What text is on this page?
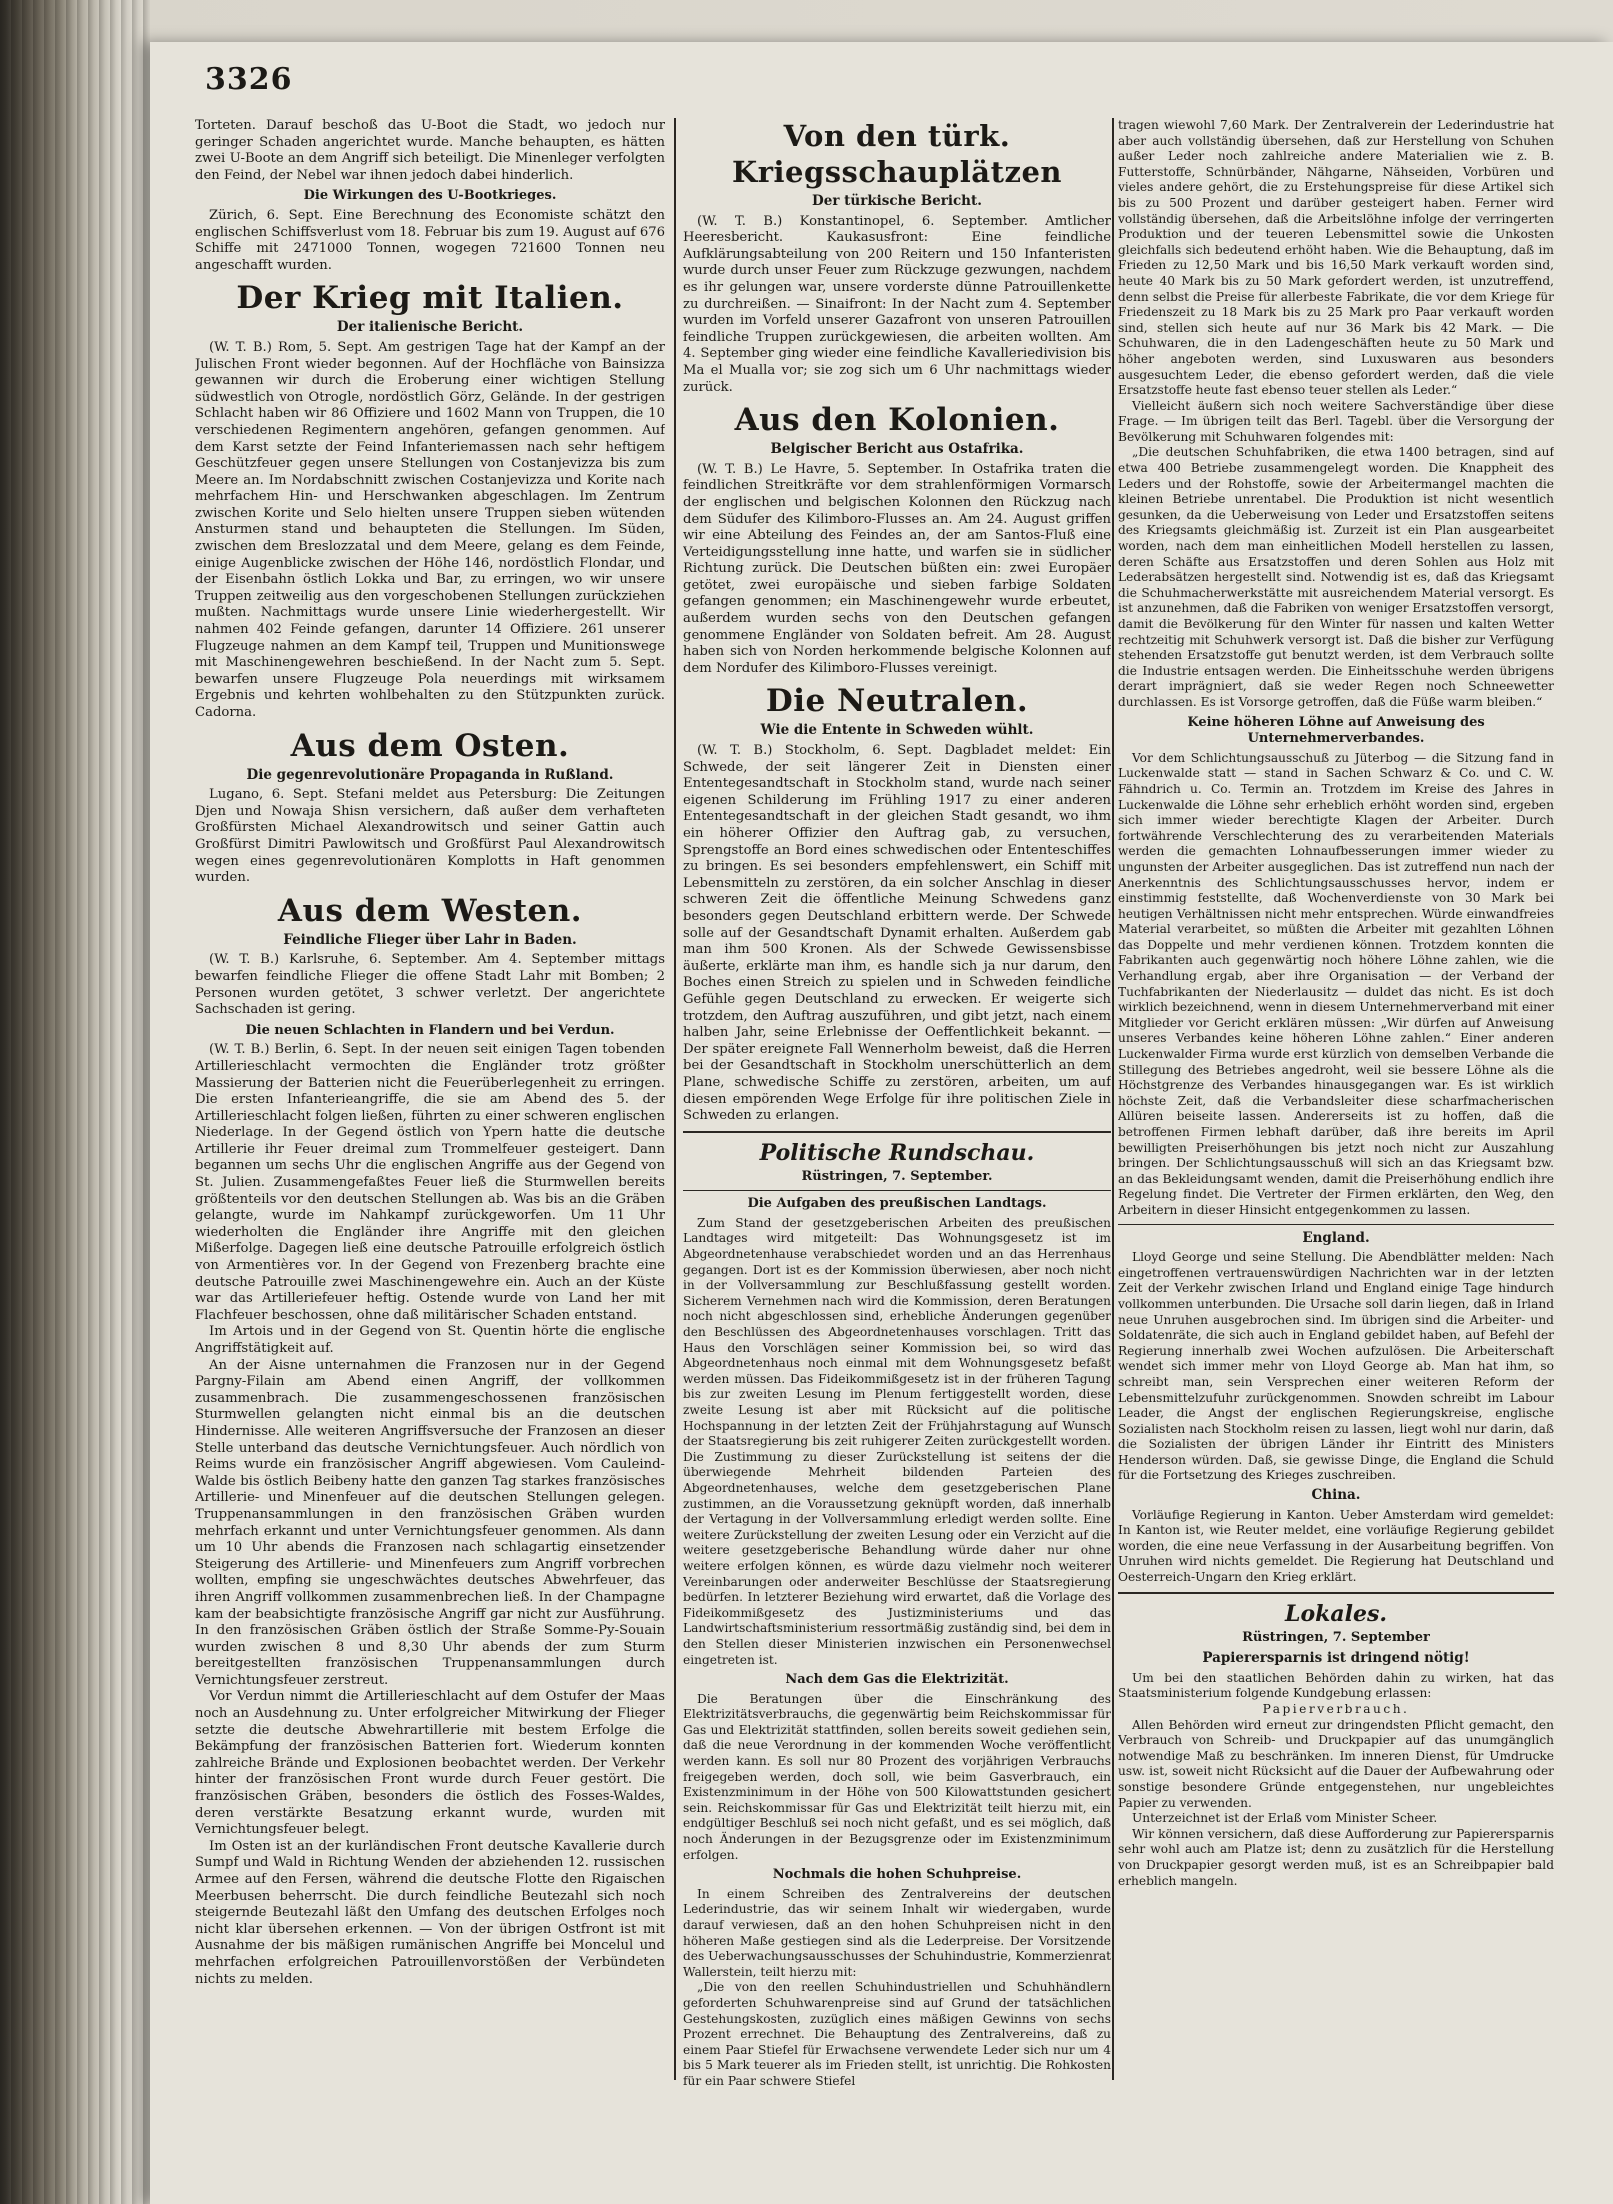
3326

Torteten. Darauf beschoß das U-Boot die Stadt, wo jedoch nur geringer Schaden angerichtet wurde. Manche behaupten, es hätten zwei U-Boote an dem Angriff sich beteiligt. Die Minenleger verfolgten den Feind, der Nebel war ihnen jedoch dabei hinderlich.

Die Wirkungen des U-Bootkrieges.

Zürich, 6. Sept. Eine Berechnung des Economiste schätzt den englischen Schiffsverlust vom 18. Februar bis zum 19. August auf 676 Schiffe mit 2471000 Tonnen, wogegen 721600 Tonnen neu angeschafft wurden.

Der Krieg mit Italien.
Der italienische Bericht.

(W. T. B.) Rom, 5. Sept. Am gestrigen Tage hat der Kampf an der Julischen Front wieder begonnen. Auf der Hochfläche von Bainsizza gewannen wir durch die Eroberung einer wichtigen Stellung südwestlich von Otrogle, nordöstlich Görz, Gelände. In der gestrigen Schlacht haben wir 86 Offiziere und 1602 Mann von Truppen, die 10 verschiedenen Regimentern angehören, gefangen genommen. Auf dem Karst setzte der Feind Infanteriemassen nach sehr heftigem Geschützfeuer gegen unsere Stellungen von Costanjevizza bis zum Meere an. Im Nordabschnitt zwischen Costanjevizza und Korite nach mehrfachem Hin- und Herschwanken abgeschlagen. Im Zentrum zwischen Korite und Selo hielten unsere Truppen sieben wütenden Ansturmen stand und behaupteten die Stellungen. Im Süden, zwischen dem Breslozzatal und dem Meere, gelang es dem Feinde, einige Augenblicke zwischen der Höhe 146, nordöstlich Flondar, und der Eisenbahn östlich Lokka und Bar, zu erringen, wo wir unsere Truppen zeitweilig aus den vorgeschobenen Stellungen zurückziehen mußten. Nachmittags wurde unsere Linie wiederhergestellt. Wir nahmen 402 Feinde gefangen, darunter 14 Offiziere. 261 unserer Flugzeuge nahmen an dem Kampf teil, Truppen und Munitionswege mit Maschinengewehren beschießend. In der Nacht zum 5. Sept. bewarfen unsere Flugzeuge Pola neuerdings mit wirksamem Ergebnis und kehrten wohlbehalten zu den Stützpunkten zurück. Cadorna.

Aus dem Osten.
Die gegenrevolutionäre Propaganda in Rußland.

Lugano, 6. Sept. Stefani meldet aus Petersburg: Die Zeitungen Djen und Nowaja Shisn versichern, daß außer dem verhafteten Großfürsten Michael Alexandrowitsch und seiner Gattin auch Großfürst Dimitri Pawlowitsch und Großfürst Paul Alexandrowitsch wegen eines gegenrevolutionären Komplotts in Haft genommen wurden.

Aus dem Westen.
Feindliche Flieger über Lahr in Baden.

(W. T. B.) Karlsruhe, 6. September. Am 4. September mittags bewarfen feindliche Flieger die offene Stadt Lahr mit Bomben; 2 Personen wurden getötet, 3 schwer verletzt. Der angerichtete Sachschaden ist gering.

Die neuen Schlachten in Flandern und bei Verdun.

(W. T. B.) Berlin, 6. Sept. In der neuen seit einigen Tagen tobenden Artillerieschlacht vermochten die Engländer trotz größter Massierung der Batterien nicht die Feuerüberlegenheit zu erringen. Die ersten Infanterieangriffe, die sie am Abend des 5. der Artillerieschlacht folgen ließen, führten zu einer schweren englischen Niederlage. In der Gegend östlich von Ypern hatte die deutsche Artillerie ihr Feuer dreimal zum Trommelfeuer gesteigert. Dann begannen um sechs Uhr die englischen Angriffe aus der Gegend von St. Julien. Zusammengefaßtes Feuer ließ die Sturmwellen bereits größtenteils vor den deutschen Stellungen ab. Was bis an die Gräben gelangte, wurde im Nahkampf zurückgeworfen. Um 11 Uhr wiederholten die Engländer ihre Angriffe mit den gleichen Mißerfolge. Dagegen ließ eine deutsche Patrouille erfolgreich östlich von Armentières vor. In der Gegend von Frezenberg brachte eine deutsche Patrouille zwei Maschinengewehre ein. Auch an der Küste war das Artilleriefeuer heftig. Ostende wurde von Land her mit Flachfeuer beschossen, ohne daß militärischer Schaden entstand.

Im Artois und in der Gegend von St. Quentin hörte die englische Angriffstätigkeit auf.

An der Aisne unternahmen die Franzosen nur in der Gegend Pargny-Filain am Abend einen Angriff, der vollkommen zusammenbrach. Die zusammengeschossenen französischen Sturmwellen gelangten nicht einmal bis an die deutschen Hindernisse. Alle weiteren Angriffsversuche der Franzosen an dieser Stelle unterband das deutsche Vernichtungsfeuer. Auch nördlich von Reims wurde ein französischer Angriff abgewiesen. Vom Cauleind-Walde bis östlich Beibeny hatte den ganzen Tag starkes französisches Artillerie- und Minenfeuer auf die deutschen Stellungen gelegen. Truppenansammlungen in den französischen Gräben wurden mehrfach erkannt und unter Vernichtungsfeuer genommen. Als dann um 10 Uhr abends die Franzosen nach schlagartig einsetzender Steigerung des Artillerie- und Minenfeuers zum Angriff vorbrechen wollten, empfing sie ungeschwächtes deutsches Abwehrfeuer, das ihren Angriff vollkommen zusammenbrechen ließ. In der Champagne kam der beabsichtigte französische Angriff gar nicht zur Ausführung. In den französischen Gräben östlich der Straße Somme-Py-Souain wurden zwischen 8 und 8,30 Uhr abends der zum Sturm bereitgestellten französischen Truppenansammlungen durch Vernichtungsfeuer zerstreut.

Vor Verdun nimmt die Artillerieschlacht auf dem Ostufer der Maas noch an Ausdehnung zu. Unter erfolgreicher Mitwirkung der Flieger setzte die deutsche Abwehrartillerie mit bestem Erfolge die Bekämpfung der französischen Batterien fort. Wiederum konnten zahlreiche Brände und Explosionen beobachtet werden. Der Verkehr hinter der französischen Front wurde durch Feuer gestört. Die französischen Gräben, besonders die östlich des Fosses-Waldes, deren verstärkte Besatzung erkannt wurde, wurden mit Vernichtungsfeuer belegt.

Im Osten ist an der kurländischen Front deutsche Kavallerie durch Sumpf und Wald in Richtung Wenden der abziehenden 12. russischen Armee auf den Fersen, während die deutsche Flotte den Rigaischen Meerbusen beherrscht. Die durch feindliche Beutezahl sich noch steigernde Beutezahl läßt den Umfang des deutschen Erfolges noch nicht klar übersehen erkennen. — Von der übrigen Ostfront ist mit Ausnahme der bis mäßigen rumänischen Angriffe bei Moncelul und mehrfachen erfolgreichen Patrouillenvorstößen der Verbündeten nichts zu melden.

Von den türk. Kriegsschauplätzen
Der türkische Bericht.

(W. T. B.) Konstantinopel, 6. September. Amtlicher Heeresbericht. Kaukasusfront: Eine feindliche Aufklärungsabteilung von 200 Reitern und 150 Infanteristen wurde durch unser Feuer zum Rückzuge gezwungen, nachdem es ihr gelungen war, unsere vorderste dünne Patrouillenkette zu durchreißen. — Sinaifront: In der Nacht zum 4. September wurden im Vorfeld unserer Gazafront von unseren Patrouillen feindliche Truppen zurückgewiesen, die arbeiten wollten. Am 4. September ging wieder eine feindliche Kavalleriedivision bis Ma el Mualla vor; sie zog sich um 6 Uhr nachmittags wieder zurück.

Aus den Kolonien.
Belgischer Bericht aus Ostafrika.

(W. T. B.) Le Havre, 5. September. In Ostafrika traten die feindlichen Streitkräfte vor dem strahlenförmigen Vormarsch der englischen und belgischen Kolonnen den Rückzug nach dem Südufer des Kilimboro-Flusses an. Am 24. August griffen wir eine Abteilung des Feindes an, der am Santos-Fluß eine Verteidigungsstellung inne hatte, und warfen sie in südlicher Richtung zurück. Die Deutschen büßten ein: zwei Europäer getötet, zwei europäische und sieben farbige Soldaten gefangen genommen; ein Maschinengewehr wurde erbeutet, außerdem wurden sechs von den Deutschen gefangen genommene Engländer von Soldaten befreit. Am 28. August haben sich von Norden herkommende belgische Kolonnen auf dem Nordufer des Kilimboro-Flusses vereinigt.

Die Neutralen.
Wie die Entente in Schweden wühlt.

(W. T. B.) Stockholm, 6. Sept. Dagbladet meldet: Ein Schwede, der seit längerer Zeit in Diensten einer Ententegesandtschaft in Stockholm stand, wurde nach seiner eigenen Schilderung im Frühling 1917 zu einer anderen Ententegesandtschaft in der gleichen Stadt gesandt, wo ihm ein höherer Offizier den Auftrag gab, zu versuchen, Sprengstoffe an Bord eines schwedischen oder Ententeschiffes zu bringen. Es sei besonders empfehlenswert, ein Schiff mit Lebensmitteln zu zerstören, da ein solcher Anschlag in dieser schweren Zeit die öffentliche Meinung Schwedens ganz besonders gegen Deutschland erbittern werde. Der Schwede solle auf der Gesandtschaft Dynamit erhalten. Außerdem gab man ihm 500 Kronen. Als der Schwede Gewissensbisse äußerte, erklärte man ihm, es handle sich ja nur darum, den Boches einen Streich zu spielen und in Schweden feindliche Gefühle gegen Deutschland zu erwecken. Er weigerte sich trotzdem, den Auftrag auszuführen, und gibt jetzt, nach einem halben Jahr, seine Erlebnisse der Oeffentlichkeit bekannt. — Der später ereignete Fall Wennerholm beweist, daß die Herren bei der Gesandtschaft in Stockholm unerschütterlich an dem Plane, schwedische Schiffe zu zerstören, arbeiten, um auf diesen empörenden Wege Erfolge für ihre politischen Ziele in Schweden zu erlangen.

Politische Rundschau.
Rüstringen, 7. September.
Die Aufgaben des preußischen Landtags.

Zum Stand der gesetzgeberischen Arbeiten des preußischen Landtages wird mitgeteilt: Das Wohnungsgesetz ist im Abgeordnetenhause verabschiedet worden und an das Herrenhaus gegangen. Dort ist es der Kommission überwiesen, aber noch nicht in der Vollversammlung zur Beschlußfassung gestellt worden. Sicherem Vernehmen nach wird die Kommission, deren Beratungen noch nicht abgeschlossen sind, erhebliche Änderungen gegenüber den Beschlüssen des Abgeordnetenhauses vorschlagen. Tritt das Haus den Vorschlägen seiner Kommission bei, so wird das Abgeordnetenhaus noch einmal mit dem Wohnungsgesetz befaßt werden müssen. Das Fideikommißgesetz ist in der früheren Tagung bis zur zweiten Lesung im Plenum fertiggestellt worden, diese zweite Lesung ist aber mit Rücksicht auf die politische Hochspannung in der letzten Zeit der Frühjahrstagung auf Wunsch der Staatsregierung bis zeit ruhigerer Zeiten zurückgestellt worden. Die Zustimmung zu dieser Zurückstellung ist seitens der die überwiegende Mehrheit bildenden Parteien des Abgeordnetenhauses, welche dem gesetzgeberischen Plane zustimmen, an die Voraussetzung geknüpft worden, daß innerhalb der Vertagung in der Vollversammlung erledigt werden sollte. Eine weitere Zurückstellung der zweiten Lesung oder ein Verzicht auf die weitere gesetzgeberische Behandlung würde daher nur ohne weitere erfolgen können, es würde dazu vielmehr noch weiterer Vereinbarungen oder anderweiter Beschlüsse der Staatsregierung bedürfen. In letzterer Beziehung wird erwartet, daß die Vorlage des Fideikommißgesetz des Justizministeriums und das Landwirtschaftsministerium ressortmäßig zuständig sind, bei dem in den Stellen dieser Ministerien inzwischen ein Personenwechsel eingetreten ist.

Nach dem Gas die Elektrizität.

Die Beratungen über die Einschränkung des Elektrizitätsverbrauchs, die gegenwärtig beim Reichskommissar für Gas und Elektrizität stattfinden, sollen bereits soweit gediehen sein, daß die neue Verordnung in der kommenden Woche veröffentlicht werden kann. Es soll nur 80 Prozent des vorjährigen Verbrauchs freigegeben werden, doch soll, wie beim Gasverbrauch, ein Existenzminimum in der Höhe von 500 Kilowattstunden gesichert sein. Reichskommissar für Gas und Elektrizität teilt hierzu mit, ein endgültiger Beschluß sei noch nicht gefaßt, und es sei möglich, daß noch Änderungen in der Bezugsgrenze oder im Existenzminimum erfolgen.

Nochmals die hohen Schuhpreise.

In einem Schreiben des Zentralvereins der deutschen Lederindustrie, das wir seinem Inhalt wir wiedergaben, wurde darauf verwiesen, daß an den hohen Schuhpreisen nicht in den höheren Maße gestiegen sind als die Lederpreise. Der Vorsitzende des Ueberwachungsausschusses der Schuhindustrie, Kommerzienrat Wallerstein, teilt hierzu mit:

„Die von den reellen Schuhindustriellen und Schuhhändlern geforderten Schuhwarenpreise sind auf Grund der tatsächlichen Gestehungskosten, zuzüglich eines mäßigen Gewinns von sechs Prozent errechnet. Die Behauptung des Zentralvereins, daß zu einem Paar Stiefel für Erwachsene verwendete Leder sich nur um 4 bis 5 Mark teuerer als im Frieden stellt, ist unrichtig. Die Rohkosten für ein Paar schwere Stiefel

tragen wiewohl 7,60 Mark. Der Zentralverein der Lederindustrie hat aber auch vollständig übersehen, daß zur Herstellung von Schuhen außer Leder noch zahlreiche andere Materialien wie z. B. Futterstoffe, Schnürbänder, Nähgarne, Nähseiden, Vorbüren und vieles andere gehört, die zu Erstehungspreise für diese Artikel sich bis zu 500 Prozent und darüber gesteigert haben. Ferner wird vollständig übersehen, daß die Arbeitslöhne infolge der verringerten Produktion und der teueren Lebensmittel sowie die Unkosten gleichfalls sich bedeutend erhöht haben. Wie die Behauptung, daß im Frieden zu 12,50 Mark und bis 16,50 Mark verkauft worden sind, heute 40 Mark bis zu 50 Mark gefordert werden, ist unzutreffend, denn selbst die Preise für allerbeste Fabrikate, die vor dem Kriege für Friedenszeit zu 18 Mark bis zu 25 Mark pro Paar verkauft worden sind, stellen sich heute auf nur 36 Mark bis 42 Mark. — Die Schuhwaren, die in den Ladengeschäften heute zu 50 Mark und höher angeboten werden, sind Luxuswaren aus besonders ausgesuchtem Leder, die ebenso gefordert werden, daß die viele Ersatzstoffe heute fast ebenso teuer stellen als Leder.“

Vielleicht äußern sich noch weitere Sachverständige über diese Frage. — Im übrigen teilt das Berl. Tagebl. über die Versorgung der Bevölkerung mit Schuhwaren folgendes mit:

„Die deutschen Schuhfabriken, die etwa 1400 betragen, sind auf etwa 400 Betriebe zusammengelegt worden. Die Knappheit des Leders und der Rohstoffe, sowie der Arbeitermangel machten die kleinen Betriebe unrentabel. Die Produktion ist nicht wesentlich gesunken, da die Ueberweisung von Leder und Ersatzstoffen seitens des Kriegsamts gleichmäßig ist. Zurzeit ist ein Plan ausgearbeitet worden, nach dem man einheitlichen Modell herstellen zu lassen, deren Schäfte aus Ersatzstoffen und deren Sohlen aus Holz mit Lederabsätzen hergestellt sind. Notwendig ist es, daß das Kriegsamt die Schuhmacherwerkstätte mit ausreichendem Material versorgt. Es ist anzunehmen, daß die Fabriken von weniger Ersatzstoffen versorgt, damit die Bevölkerung für den Winter für nassen und kalten Wetter rechtzeitig mit Schuhwerk versorgt ist. Daß die bisher zur Verfügung stehenden Ersatzstoffe gut benutzt werden, ist dem Verbrauch sollte die Industrie entsagen werden. Die Einheitsschuhe werden übrigens derart imprägniert, daß sie weder Regen noch Schneewetter durchlassen. Es ist Vorsorge getroffen, daß die Füße warm bleiben.“

Keine höheren Löhne auf Anweisung des Unternehmerverbandes.

Vor dem Schlichtungsausschuß zu Jüterbog — die Sitzung fand in Luckenwalde statt — stand in Sachen Schwarz & Co. und C. W. Fähndrich u. Co. Termin an. Trotzdem im Kreise des Jahres in Luckenwalde die Löhne sehr erheblich erhöht worden sind, ergeben sich immer wieder berechtigte Klagen der Arbeiter. Durch fortwährende Verschlechterung des zu verarbeitenden Materials werden die gemachten Lohnaufbesserungen immer wieder zu ungunsten der Arbeiter ausgeglichen. Das ist zutreffend nun nach der Anerkenntnis des Schlichtungsausschusses hervor, indem er einstimmig feststellte, daß Wochenverdienste von 30 Mark bei heutigen Verhältnissen nicht mehr entsprechen. Würde einwandfreies Material verarbeitet, so müßten die Arbeiter mit gezahlten Löhnen das Doppelte und mehr verdienen können. Trotzdem konnten die Fabrikanten auch gegenwärtig noch höhere Löhne zahlen, wie die Verhandlung ergab, aber ihre Organisation — der Verband der Tuchfabrikanten der Niederlausitz — duldet das nicht. Es ist doch wirklich bezeichnend, wenn in diesem Unternehmerverband mit einer Mitglieder vor Gericht erklären müssen: „Wir dürfen auf Anweisung unseres Verbandes keine höheren Löhne zahlen.“ Einer anderen Luckenwalder Firma wurde erst kürzlich von demselben Verbande die Stillegung des Betriebes angedroht, weil sie bessere Löhne als die Höchstgrenze des Verbandes hinausgegangen war. Es ist wirklich höchste Zeit, daß die Verbandsleiter diese scharfmacherischen Allüren beiseite lassen. Andererseits ist zu hoffen, daß die betroffenen Firmen lebhaft darüber, daß ihre bereits im April bewilligten Preiserhöhungen bis jetzt noch nicht zur Auszahlung bringen. Der Schlichtungsausschuß will sich an das Kriegsamt bzw. an das Bekleidungsamt wenden, damit die Preiserhöhung endlich ihre Regelung findet. Die Vertreter der Firmen erklärten, den Weg, den Arbeitern in dieser Hinsicht entgegenkommen zu lassen.

England.

Lloyd George und seine Stellung. Die Abendblätter melden: Nach eingetroffenen vertrauenswürdigen Nachrichten war in der letzten Zeit der Verkehr zwischen Irland und England einige Tage hindurch vollkommen unterbunden. Die Ursache soll darin liegen, daß in Irland neue Unruhen ausgebrochen sind. Im übrigen sind die Arbeiter- und Soldatenräte, die sich auch in England gebildet haben, auf Befehl der Regierung innerhalb zwei Wochen aufzulösen. Die Arbeiterschaft wendet sich immer mehr von Lloyd George ab. Man hat ihm, so schreibt man, sein Versprechen einer weiteren Reform der Lebensmittelzufuhr zurückgenommen. Snowden schreibt im Labour Leader, die Angst der englischen Regierungskreise, englische Sozialisten nach Stockholm reisen zu lassen, liegt wohl nur darin, daß die Sozialisten der übrigen Länder ihr Eintritt des Ministers Henderson würden. Daß, sie gewisse Dinge, die England die Schuld für die Fortsetzung des Krieges zuschreiben.

China.

Vorläufige Regierung in Kanton. Ueber Amsterdam wird gemeldet: In Kanton ist, wie Reuter meldet, eine vorläufige Regierung gebildet worden, die eine neue Verfassung in der Ausarbeitung begriffen. Von Unruhen wird nichts gemeldet. Die Regierung hat Deutschland und Oesterreich-Ungarn den Krieg erklärt.

Lokales.
Rüstringen, 7. September
Papierersparnis ist dringend nötig!

Um bei den staatlichen Behörden dahin zu wirken, hat das Staatsministerium folgende Kundgebung erlassen:

Papierverbrauch.

Allen Behörden wird erneut zur dringendsten Pflicht gemacht, den Verbrauch von Schreib- und Druckpapier auf das unumgänglich notwendige Maß zu beschränken. Im inneren Dienst, für Umdrucke usw. ist, soweit nicht Rücksicht auf die Dauer der Aufbewahrung oder sonstige besondere Gründe entgegenstehen, nur ungebleichtes Papier zu verwenden.

Unterzeichnet ist der Erlaß vom Minister Scheer.

Wir können versichern, daß diese Aufforderung zur Papierersparnis sehr wohl auch am Platze ist; denn zu zusätzlich für die Herstellung von Druckpapier gesorgt werden muß, ist es an Schreibpapier bald erheblich mangeln.
